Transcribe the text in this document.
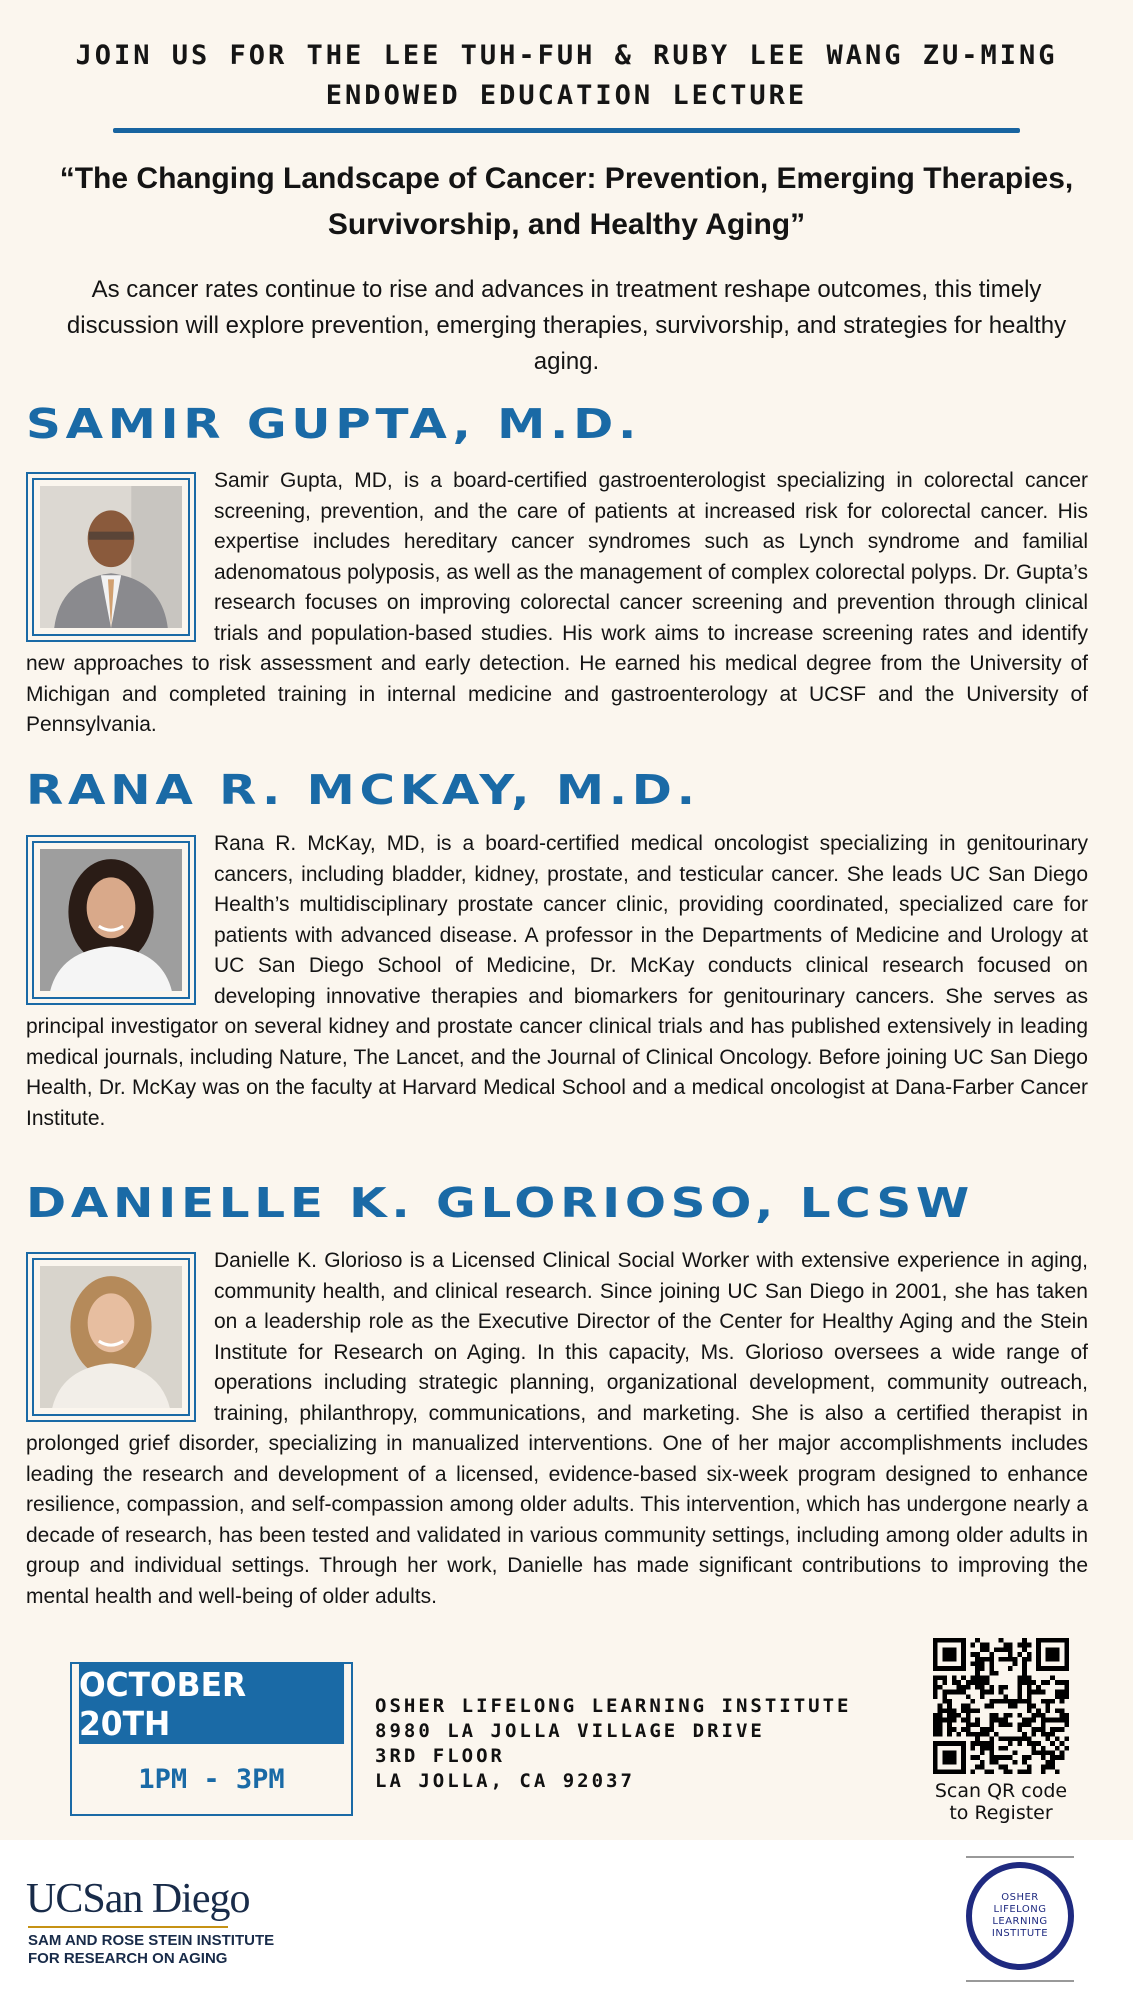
JOIN US FOR THE LEE TUH-FUH & RUBY LEE WANG ZU-MING
ENDOWED EDUCATION LECTURE
“The Changing Landscape of Cancer: Prevention, Emerging Therapies,
Survivorship, and Healthy Aging”
As cancer rates continue to rise and advances in treatment reshape outcomes, this timely discussion will explore prevention, emerging therapies, survivorship, and strategies for healthy aging.
SAMIR GUPTA, M.D.
Samir Gupta, MD, is a board-certified gastroenterologist specializing in colorectal cancer screening, prevention, and the care of patients at increased risk for colorectal cancer. His expertise includes hereditary cancer syndromes such as Lynch syndrome and familial adenomatous polyposis, as well as the management of complex colorectal polyps. Dr. Gupta’s research focuses on improving colorectal cancer screening and prevention through clinical trials and population-based studies. His work aims to increase screening rates and identify new approaches to risk assessment and early detection. He earned his medical degree from the University of Michigan and completed training in internal medicine and gastroenterology at UCSF and the University of Pennsylvania.
RANA R. MCKAY, M.D.
Rana R. McKay, MD, is a board-certified medical oncologist specializing in genitourinary cancers, including bladder, kidney, prostate, and testicular cancer. She leads UC San Diego Health’s multidisciplinary prostate cancer clinic, providing coordinated, specialized care for patients with advanced disease. A professor in the Departments of Medicine and Urology at UC San Diego School of Medicine, Dr. McKay conducts clinical research focused on developing innovative therapies and biomarkers for genitourinary cancers. She serves as principal investigator on several kidney and prostate cancer clinical trials and has published extensively in leading medical journals, including Nature, The Lancet, and the Journal of Clinical Oncology. Before joining UC San Diego Health, Dr. McKay was on the faculty at Harvard Medical School and a medical oncologist at Dana-Farber Cancer Institute.
DANIELLE K. GLORIOSO, LCSW
Danielle K. Glorioso is a Licensed Clinical Social Worker with extensive experience in aging, community health, and clinical research. Since joining UC San Diego in 2001, she has taken on a leadership role as the Executive Director of the Center for Healthy Aging and the Stein Institute for Research on Aging. In this capacity, Ms. Glorioso oversees a wide range of operations including strategic planning, organizational development, community outreach, training, philanthropy, communications, and marketing. She is also a certified therapist in prolonged grief disorder, specializing in manualized interventions. One of her major accomplishments includes leading the research and development of a licensed, evidence-based six-week program designed to enhance resilience, compassion, and self-compassion among older adults. This intervention, which has undergone nearly a decade of research, has been tested and validated in various community settings, including among older adults in group and individual settings. Through her work, Danielle has made significant contributions to improving the mental health and well-being of older adults.
OCTOBER 20TH
1PM - 3PM
OSHER LIFELONG LEARNING INSTITUTE
8980 LA JOLLA VILLAGE DRIVE
3RD FLOOR
LA JOLLA, CA 92037	Scan QR code
to Register
UCSan Diego
SAM AND ROSE STEIN INSTITUTE
FOR RESEARCH ON AGING
OSHER
LIFELONG
LEARNING
INSTITUTE
